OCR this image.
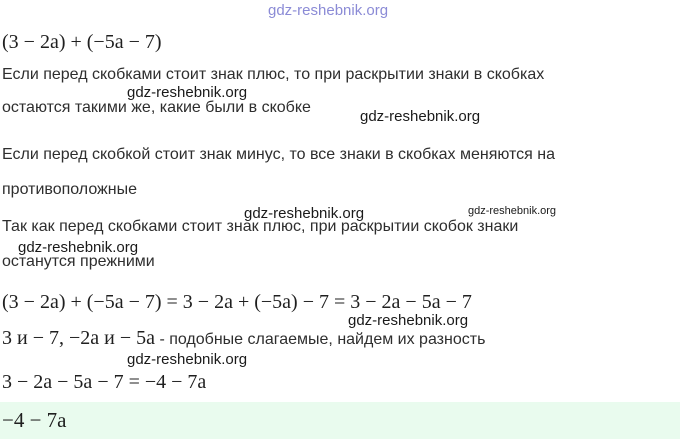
gdz-reshebnik.org
(3 − 2a) + (−5a − 7)
Если перед скобками стоит знак плюс, то при раскрытии знаки в скобках
gdz-reshebnik.org
остаются такими же, какие были в скобке
gdz-reshebnik.org
Если перед скобкой стоит знак минус, то все знаки в скобках меняются на
противоположные
gdz-reshebnik.org	gdz-reshebnik.org
Так как перед скобками стоит знак плюс, при раскрытии скобок знаки
gdz-reshebnik.org
останутся прежними
(3 − 2a) + (−5a − 7) = 3 − 2a + (−5a) − 7 = 3 − 2a − 5a − 7
gdz-reshebnik.org
3 и − 7, −2a и − 5a - подобные слагаемые, найдем их разность
gdz-reshebnik.org
3 − 2a − 5a − 7 = −4 − 7a
−4 − 7a
